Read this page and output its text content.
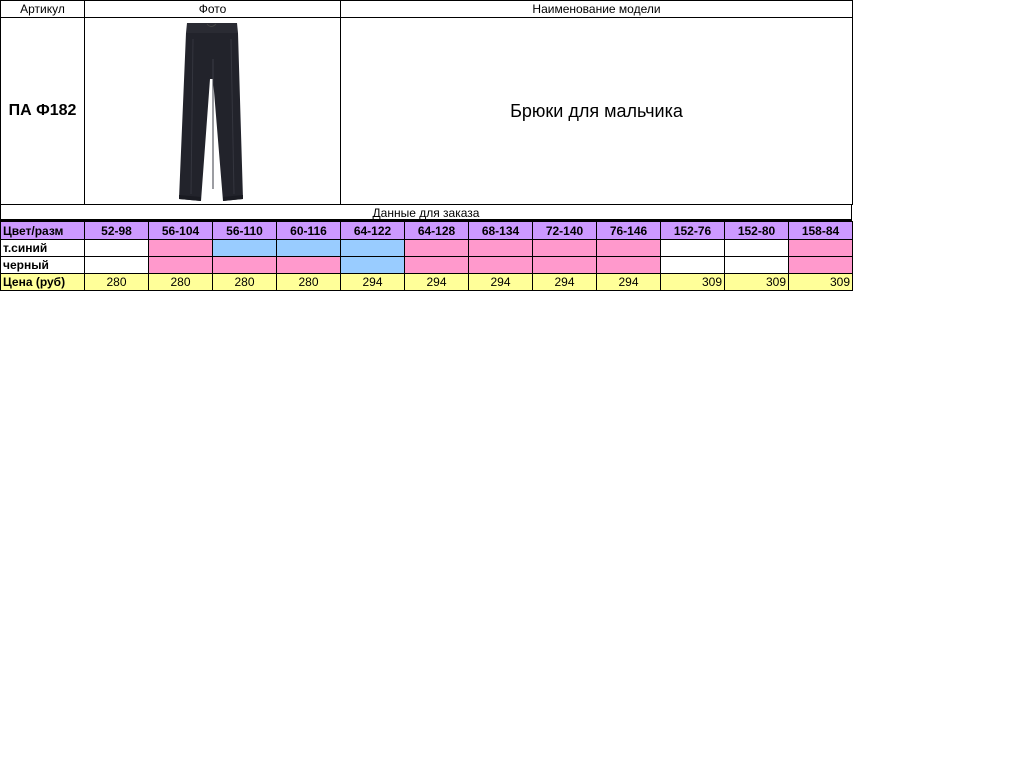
Артикул	Фото	Наименование модели
ПА Ф182		Брюки для мальчика
Данные для заказа
Цвет/разм	52-98	56-104	56-110	60-116	64-122	64-128	68-134	72-140	76-146	152-76	152-80	158-84
т.синий												
черный												
Цена (руб)	280	280	280	280	294	294	294	294	294	309	309	309
